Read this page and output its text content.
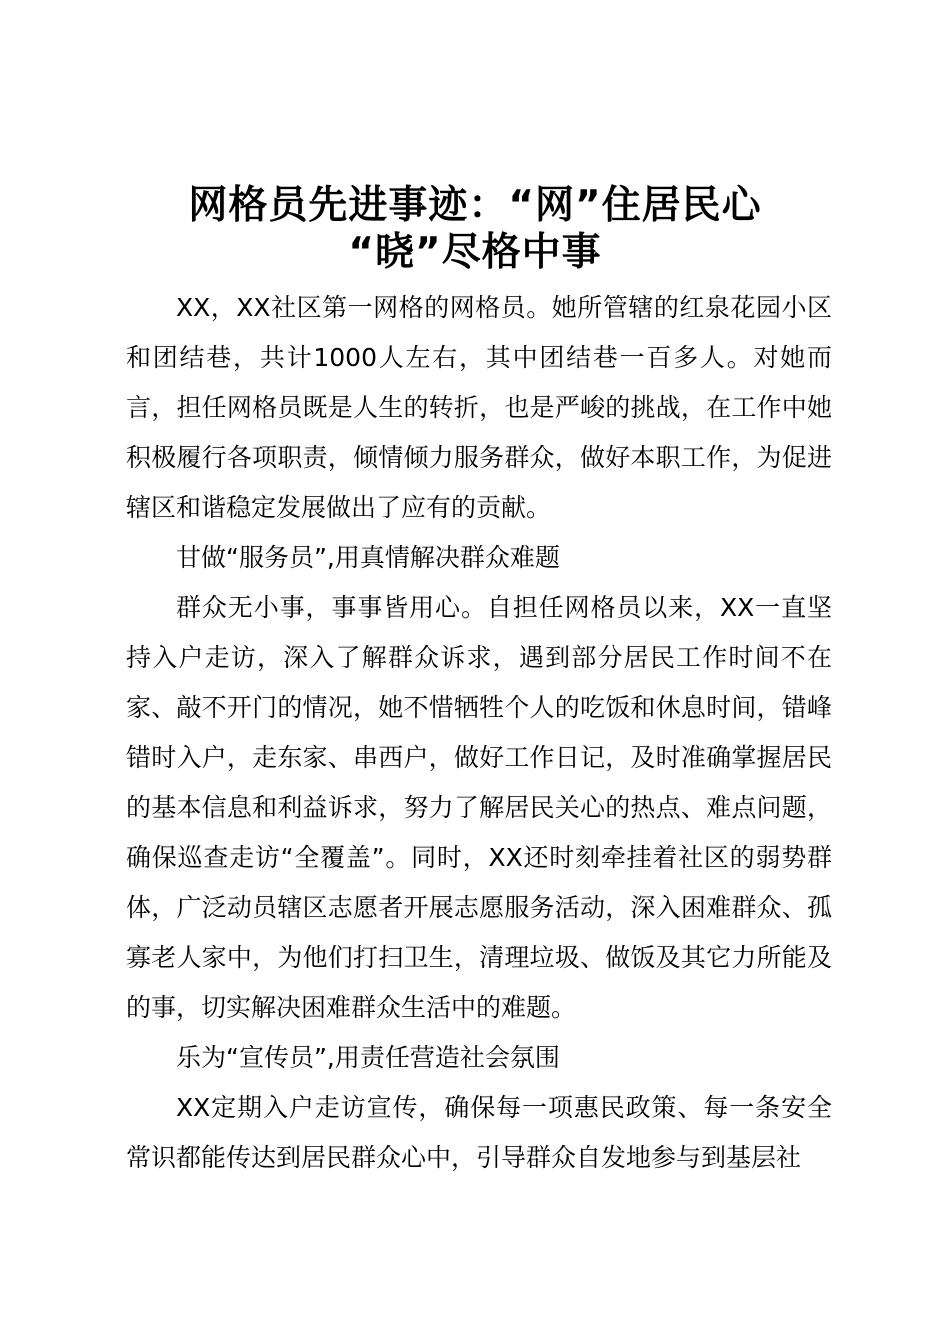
网格员先进事迹：“网”住居民心
“晓”尽格中事

XX，XX社区第一网格的网格员。她所管辖的红泉花园小区和团结巷，共计1000人左右，其中团结巷一百多人。对她而言，担任网格员既是人生的转折，也是严峻的挑战，在工作中她积极履行各项职责，倾情倾力服务群众，做好本职工作，为促进辖区和谐稳定发展做出了应有的贡献。

甘做“服务员”,用真情解决群众难题

群众无小事，事事皆用心。自担任网格员以来，XX一直坚持入户走访，深入了解群众诉求，遇到部分居民工作时间不在家、敲不开门的情况，她不惜牺牲个人的吃饭和休息时间，错峰错时入户，走东家、串西户，做好工作日记，及时准确掌握居民的基本信息和利益诉求，努力了解居民关心的热点、难点问题，确保巡查走访“全覆盖”。同时，XX还时刻牵挂着社区的弱势群体，广泛动员辖区志愿者开展志愿服务活动，深入困难群众、孤寡老人家中，为他们打扫卫生，清理垃圾、做饭及其它力所能及的事，切实解决困难群众生活中的难题。

乐为“宣传员”,用责任营造社会氛围

XX定期入户走访宣传，确保每一项惠民政策、每一条安全常识都能传达到居民群众心中，引导群众自发地参与到基层社
